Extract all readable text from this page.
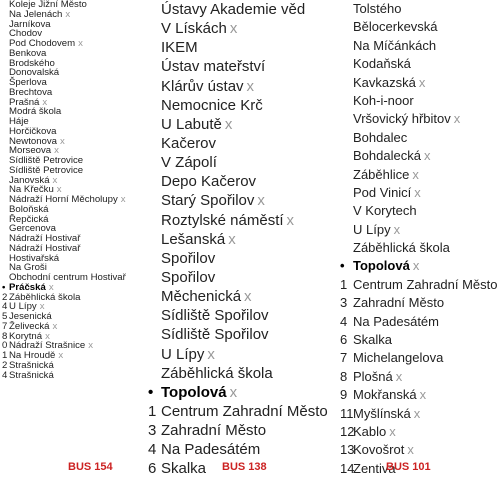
Koleje Jižní Město
Na Jelenách x
Jarníkova
Chodov
Pod Chodovem x
Benkova
Brodského
Donovalská
Šperlova
Brechtova
Prašná x
Modrá škola
Háje
Horčičkova
Newtonova x
Morseova x
Sídliště Petrovice
Sídliště Petrovice
Janovská x
Na Křečku x
Nádraží Horní Měcholupy x
Boloňská
Řepčická
Gercenova
Nádraží Hostivař
Nádraží Hostivař
Hostivařská
Na Groši
Obchodní centrum Hostivař
• Práčská x
2 Záběhlická škola
4 U Lípy x
5 Jesenická
7 Želivecká x
8 Korytná x
0 Nádraží Strašnice x
1 Na Hroudě x
2 Strašnická
4 Strašnická
Ústavy Akademie věd
V Lískách x
IKEM
Ústav mateřství
Klárův ústav x
Nemocnice Krč
U Labutě x
Kačerov
V Zápolí
Depo Kačerov
Starý Spořilov x
Roztylské náměstí x
Lešanská x
Spořilov
Spořilov
Měchenická x
Sídliště Spořilov
Sídliště Spořilov
U Lípy x
Záběhlická škola
• Topolová x
1 Centrum Zahradní Město
3 Zahradní Město
4 Na Padesátém
6 Skalka
Tolstého
Bělocerkevská
Na Míčánkách
Kodaňská
Kavkazská x
Koh-i-noor
Vršovický hřbitov x
Bohdalec
Bohdalecká x
Záběhlice x
Pod Vinicí x
V Korytech
U Lípy x
Záběhlická škola
• Topolová x
1 Centrum Zahradní Město
3 Zahradní Město
4 Na Padesátém
6 Skalka
7 Michelangelova
8 Plošná x
9 Mokřanská x
11 Myšlínská x
12
Kablo x
13
Kovošrot x
14
Zentiva
BUS 154	BUS 138	BUS 101
